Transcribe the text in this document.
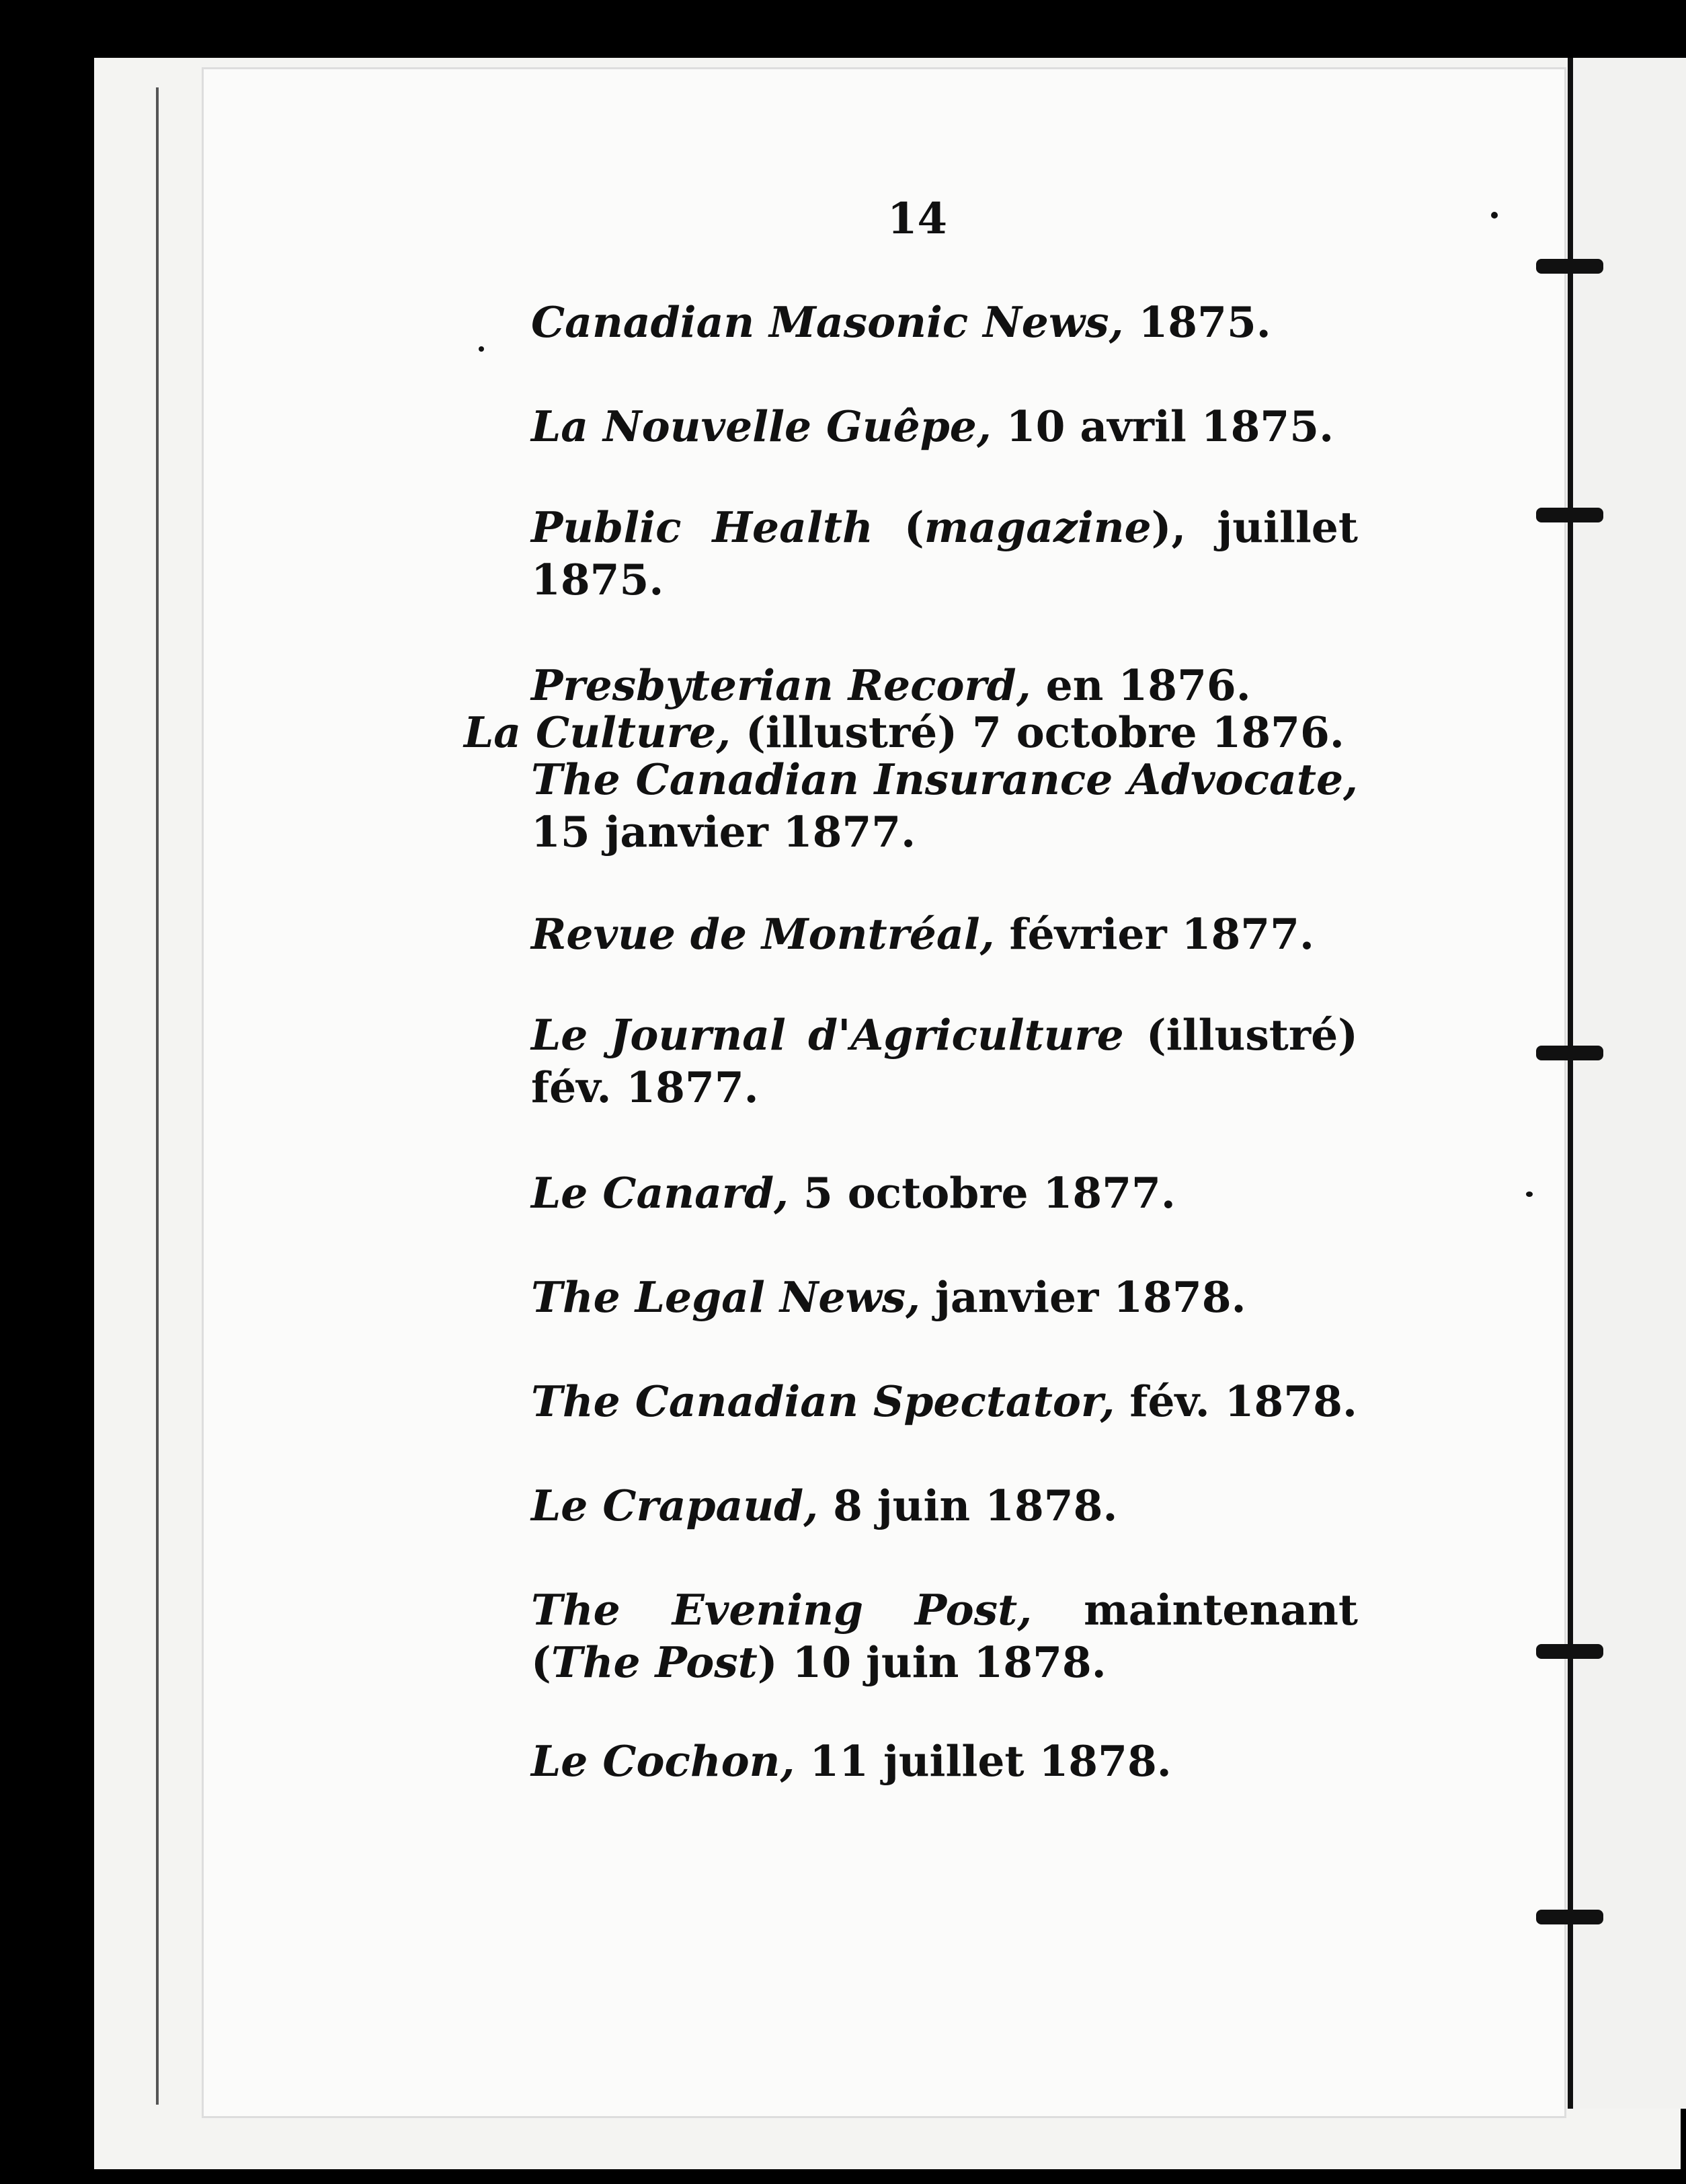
14
Canadian Masonic News, 1875.
La Nouvelle Guêpe, 10 avril 1875.
Public Health (magazine), juillet 1875.
Presbyterian Record, en 1876.
La Culture, (illustré) 7 octobre 1876.
The Canadian Insurance Advocate, 15 janvier 1877.
Revue de Montréal, février 1877.
Le Journal d'Agriculture (illustré) fév. 1877.
Le Canard, 5 octobre 1877.
The Legal News, janvier 1878.
The Canadian Spectator, fév. 1878.
Le Crapaud, 8 juin 1878.
The Evening Post, maintenant (The Post) 10 juin 1878.
Le Cochon, 11 juillet 1878.
